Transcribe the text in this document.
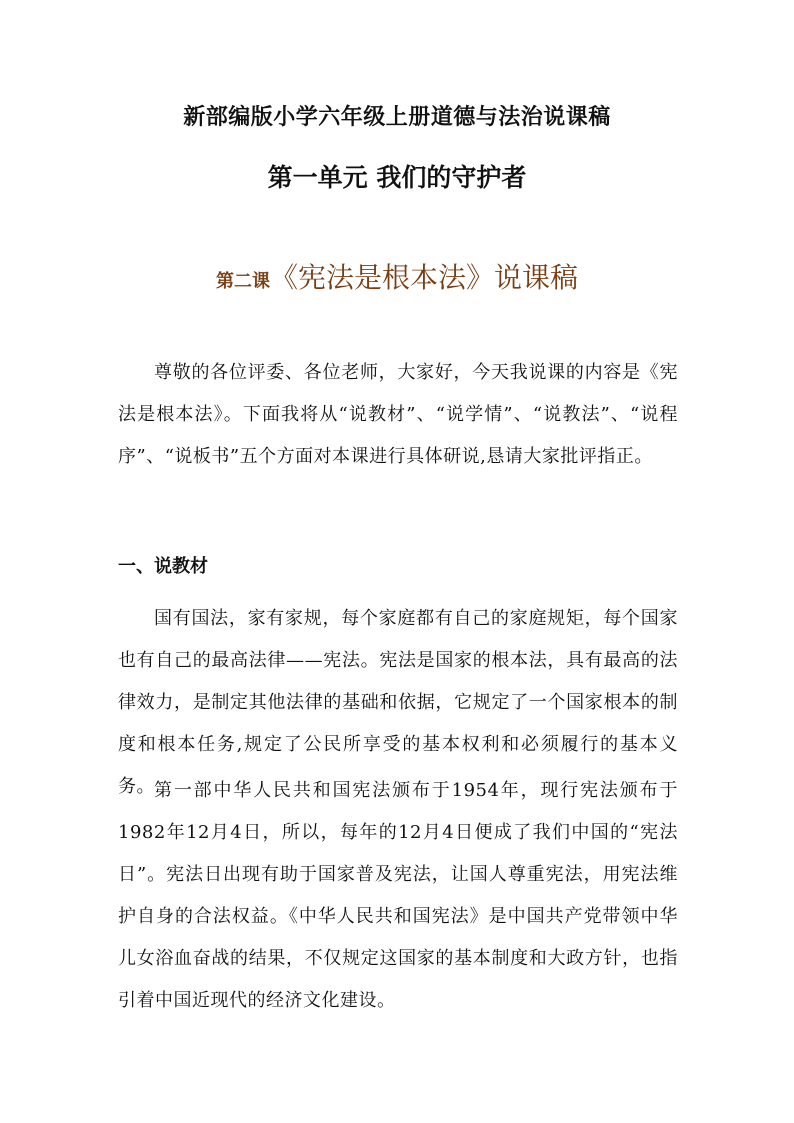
新部编版小学六年级上册道德与法治说课稿
第一单元 我们的守护者
第二课《宪法是根本法》说课稿

尊敬的各位评委、各位老师，大家好，今天我说课的内容是《宪法是根本法》。下面我将从“说教材”、“说学情”、“说教法”、“说程序”、“说板书”五个方面对本课进行具体研说,恳请大家批评指正。

一、说教材

国有国法，家有家规，每个家庭都有自己的家庭规矩，每个国家也有自己的最高法律——宪法。宪法是国家的根本法，具有最高的法律效力，是制定其他法律的基础和依据，它规定了一个国家根本的制度和根本任务,规定了公民所享受的基本权利和必须履行的基本义务。 第一部中华人民共和国宪法颁布于1954年，现行宪法颁布于1982年12月4日，所以，每年的12月4日便成了我们中国的“宪法日”。宪法日出现有助于国家普及宪法，让国人尊重宪法，用宪法维护自身的合法权益。《中华人民共和国宪法》是中国共产党带领中华儿女浴血奋战的结果，不仅规定这国家的基本制度和大政方针，也指引着中国近现代的经济文化建设。
